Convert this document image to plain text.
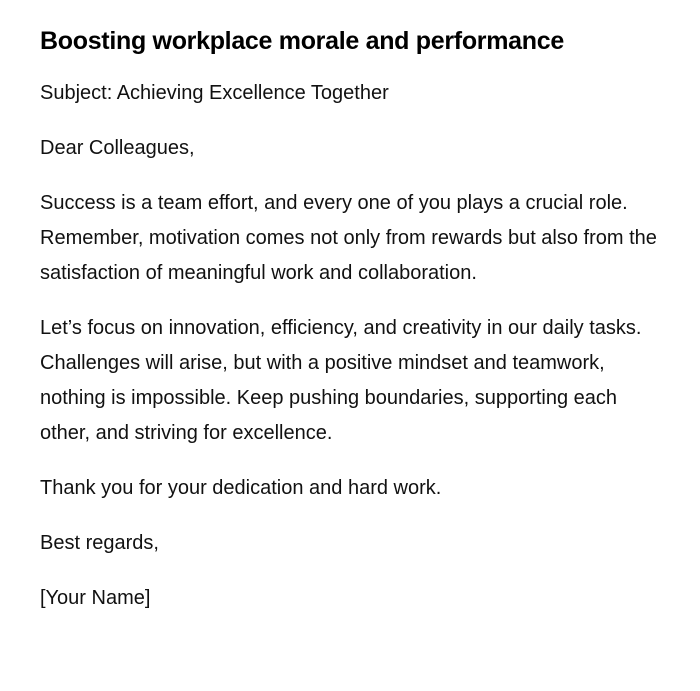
Boosting workplace morale and performance

Subject: Achieving Excellence Together

Dear Colleagues,

Success is a team effort, and every one of you plays a crucial role. Remember, motivation comes not only from rewards but also from the satisfaction of meaningful work and collaboration.

Let’s focus on innovation, efficiency, and creativity in our daily tasks. Challenges will arise, but with a positive mindset and teamwork, nothing is impossible. Keep pushing boundaries, supporting each other, and striving for excellence.

Thank you for your dedication and hard work.

Best regards,

[Your Name]
